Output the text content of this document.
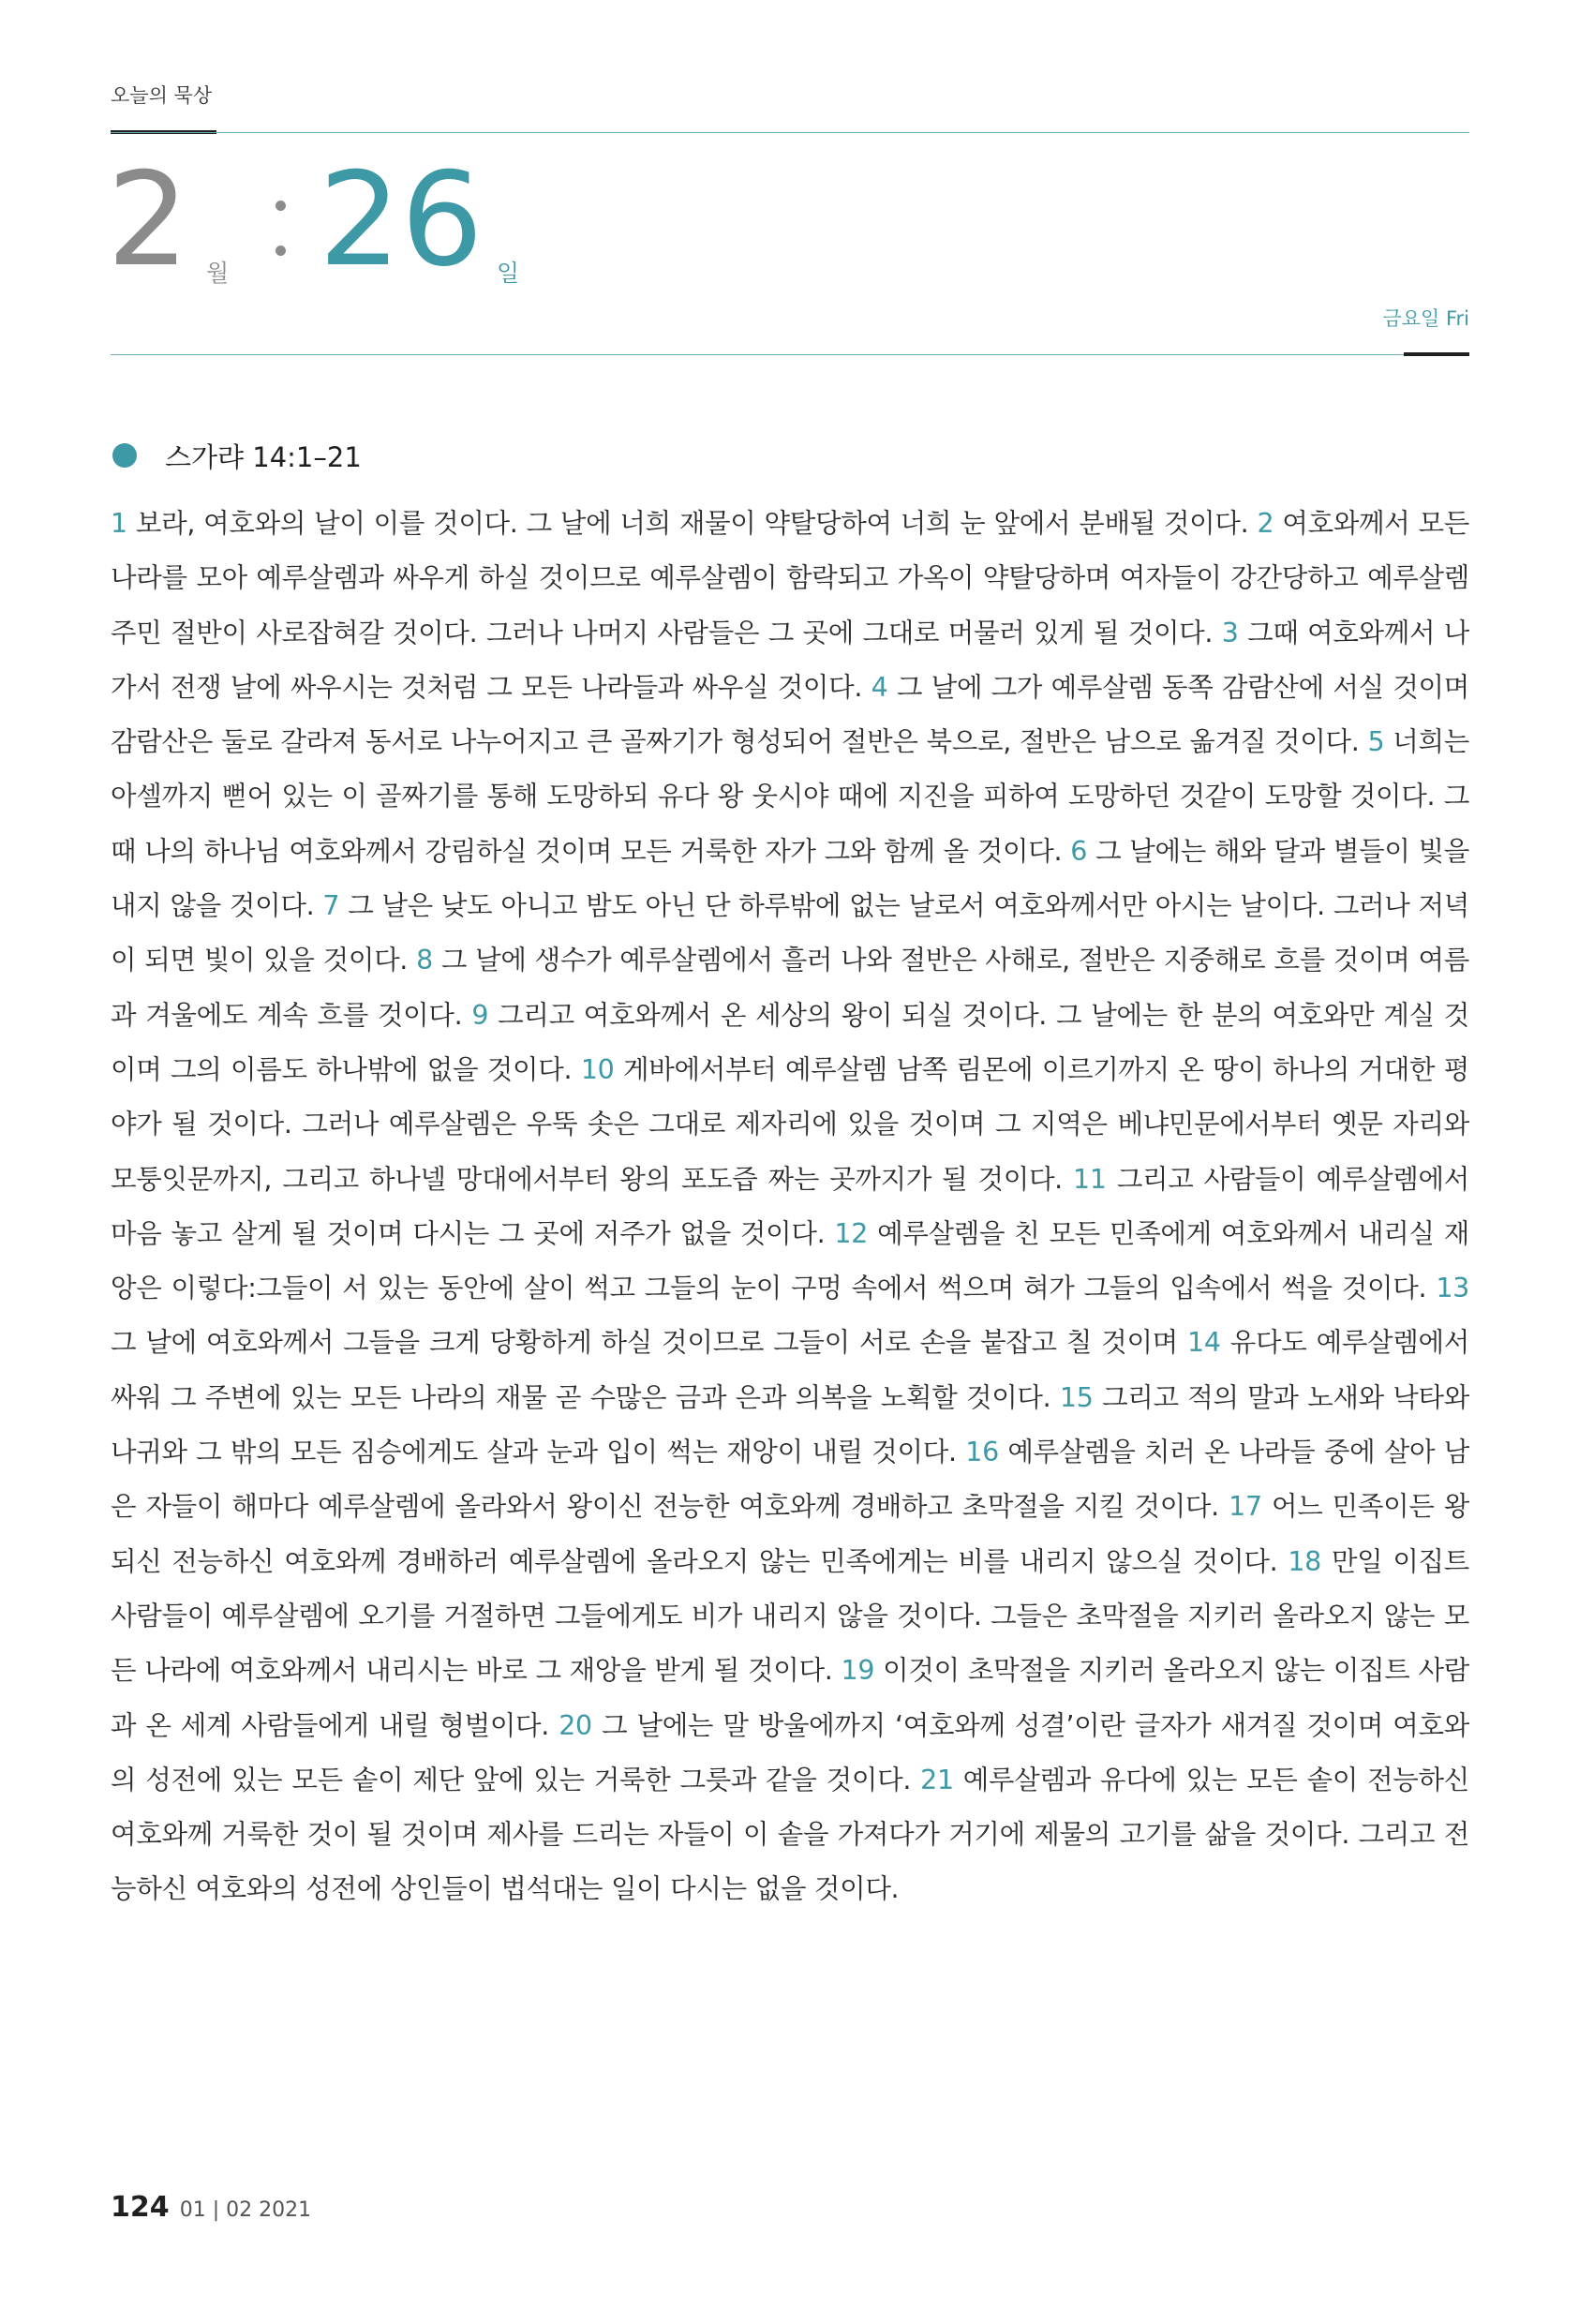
오늘의 묵상
2 월 26 일
금요일 Fri
스가랴 14:1–21

1 보라, 여호와의 날이 이를 것이다. 그 날에 너희 재물이 약탈당하여 너희 눈 앞에서 분배될 것이다. 2 여호와께서 모든 나라를 모아 예루살렘과 싸우게 하실 것이므로 예루살렘이 함락되고 가옥이 약탈당하며 여자들이 강간당하고 예루살렘 주민 절반이 사로잡혀갈 것이다. 그러나 나머지 사람들은 그 곳에 그대로 머물러 있게 될 것이다. 3 그때 여호와께서 나가서 전쟁 날에 싸우시는 것처럼 그 모든 나라들과 싸우실 것이다. 4 그 날에 그가 예루살렘 동쪽 감람산에 서실 것이며 감람산은 둘로 갈라져 동서로 나누어지고 큰 골짜기가 형성되어 절반은 북으로, 절반은 남으로 옮겨질 것이다. 5 너희는 아셀까지 뻗어 있는 이 골짜기를 통해 도망하되 유다 왕 웃시야 때에 지진을 피하여 도망하던 것같이 도망할 것이다. 그때 나의 하나님 여호와께서 강림하실 것이며 모든 거룩한 자가 그와 함께 올 것이다. 6 그 날에는 해와 달과 별들이 빛을 내지 않을 것이다. 7 그 날은 낮도 아니고 밤도 아닌 단 하루밖에 없는 날로서 여호와께서만 아시는 날이다. 그러나 저녁이 되면 빛이 있을 것이다. 8 그 날에 생수가 예루살렘에서 흘러 나와 절반은 사해로, 절반은 지중해로 흐를 것이며 여름과 겨울에도 계속 흐를 것이다. 9 그리고 여호와께서 온 세상의 왕이 되실 것이다. 그 날에는 한 분의 여호와만 계실 것이며 그의 이름도 하나밖에 없을 것이다. 10 게바에서부터 예루살렘 남쪽 림몬에 이르기까지 온 땅이 하나의 거대한 평야가 될 것이다. 그러나 예루살렘은 우뚝 솟은 그대로 제자리에 있을 것이며 그 지역은 베냐민문에서부터 옛문 자리와 모퉁잇문까지, 그리고 하나넬 망대에서부터 왕의 포도즙 짜는 곳까지가 될 것이다. 11 그리고 사람들이 예루살렘에서 마음 놓고 살게 될 것이며 다시는 그 곳에 저주가 없을 것이다. 12 예루살렘을 친 모든 민족에게 여호와께서 내리실 재앙은 이렇다:그들이 서 있는 동안에 살이 썩고 그들의 눈이 구멍 속에서 썩으며 혀가 그들의 입속에서 썩을 것이다. 13 그 날에 여호와께서 그들을 크게 당황하게 하실 것이므로 그들이 서로 손을 붙잡고 칠 것이며 14 유다도 예루살렘에서 싸워 그 주변에 있는 모든 나라의 재물 곧 수많은 금과 은과 의복을 노획할 것이다. 15 그리고 적의 말과 노새와 낙타와 나귀와 그 밖의 모든 짐승에게도 살과 눈과 입이 썩는 재앙이 내릴 것이다. 16 예루살렘을 치러 온 나라들 중에 살아 남은 자들이 해마다 예루살렘에 올라와서 왕이신 전능한 여호와께 경배하고 초막절을 지킬 것이다. 17 어느 민족이든 왕되신 전능하신 여호와께 경배하러 예루살렘에 올라오지 않는 민족에게는 비를 내리지 않으실 것이다. 18 만일 이집트 사람들이 예루살렘에 오기를 거절하면 그들에게도 비가 내리지 않을 것이다. 그들은 초막절을 지키러 올라오지 않는 모든 나라에 여호와께서 내리시는 바로 그 재앙을 받게 될 것이다. 19 이것이 초막절을 지키러 올라오지 않는 이집트 사람과 온 세계 사람들에게 내릴 형벌이다. 20 그 날에는 말 방울에까지 ‘여호와께 성결’이란 글자가 새겨질 것이며 여호와의 성전에 있는 모든 솥이 제단 앞에 있는 거룩한 그릇과 같을 것이다. 21 예루살렘과 유다에 있는 모든 솥이 전능하신 여호와께 거룩한 것이 될 것이며 제사를 드리는 자들이 이 솥을 가져다가 거기에 제물의 고기를 삶을 것이다. 그리고 전능하신 여호와의 성전에 상인들이 법석대는 일이 다시는 없을 것이다.

124 01 | 02 2021
